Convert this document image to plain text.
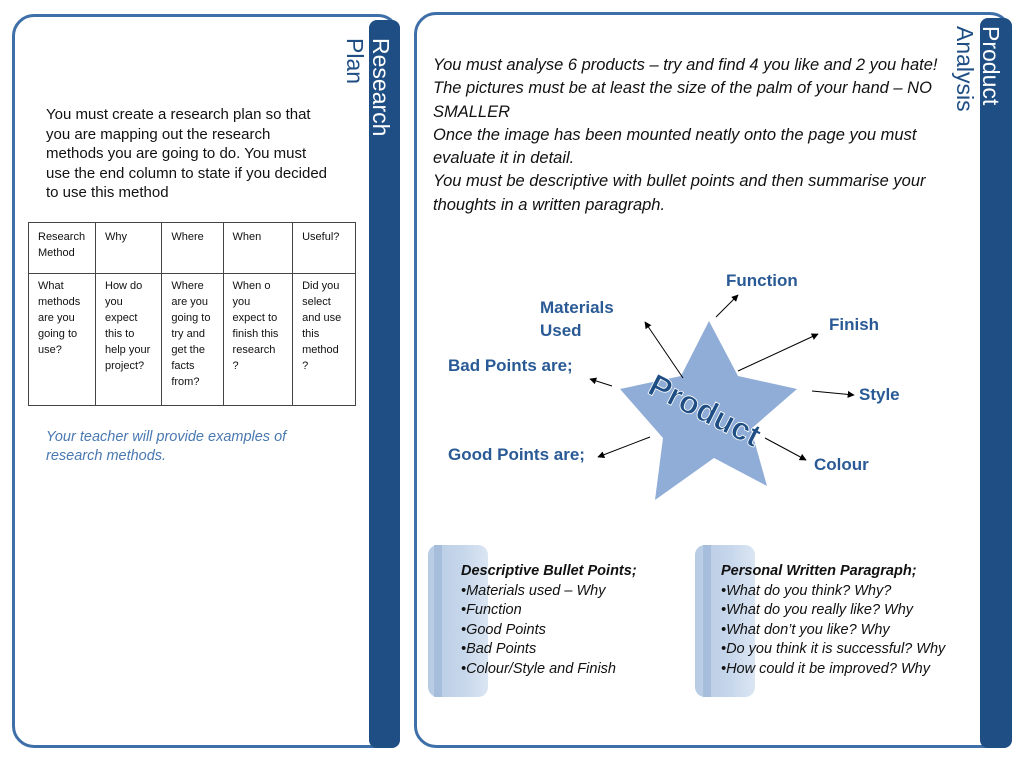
Research
Plan
You must create a research plan so that you are mapping out the research methods you are going to do. You must use the end column to state if you decided to use this method
Research Method	Why	Where	When	Useful?
What methods are you going to use?	How do you expect this to help your project?	Where are you going to try and get the facts from?	When o you expect to finish this research ?	Did you select and use this method ?
Your teacher will provide examples of research methods.
Product
Analysis

You must analyse 6 products – try and find 4 you like and 2 you hate! The pictures must be at least the size of the palm of your hand – NO SMALLER

Once the image has been mounted neatly onto the page you must evaluate it in detail.

You must be descriptive with bullet points and then summarise your thoughts in a written paragraph.

Product
Function
Materials
Used	Finish
Bad Points are;
Style
Good Points are;
Colour
Descriptive Bullet Points;
•Materials used – Why
•Function
•Good Points
•Bad Points
•Colour/Style and Finish
Personal Written Paragraph;
•What do you think? Why?
•What do you really like? Why
•What don’t you like? Why
•Do you think it is successful? Why
•How could it be improved? Why
